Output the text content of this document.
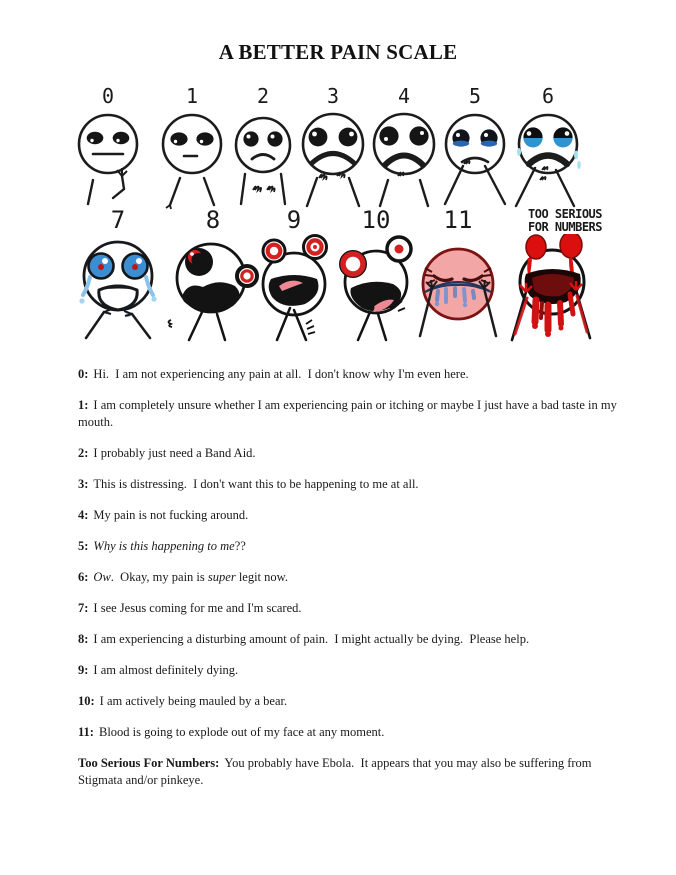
A BETTER PAIN SCALE
0	1	2	3	4	5	6
7	8	9	10 11	TOO SERIOUS
FOR NUMBERS

0: Hi.  I am not experiencing any pain at all.  I don't know why I'm even here.

1: I am completely unsure whether I am experiencing pain or itching or maybe I just have a bad taste in my mouth.

2: I probably just need a Band Aid.

3: This is distressing.  I don't want this to be happening to me at all.

4: My pain is not fucking around.

5: Why is this happening to me??

6: Ow.  Okay, my pain is super legit now.

7: I see Jesus coming for me and I'm scared.

8: I am experiencing a disturbing amount of pain.  I might actually be dying.  Please help.

9: I am almost definitely dying.

10: I am actively being mauled by a bear.

11: Blood is going to explode out of my face at any moment.

Too Serious For Numbers: You probably have Ebola.  It appears that you may also be suffering from Stigmata and/or pinkeye.
